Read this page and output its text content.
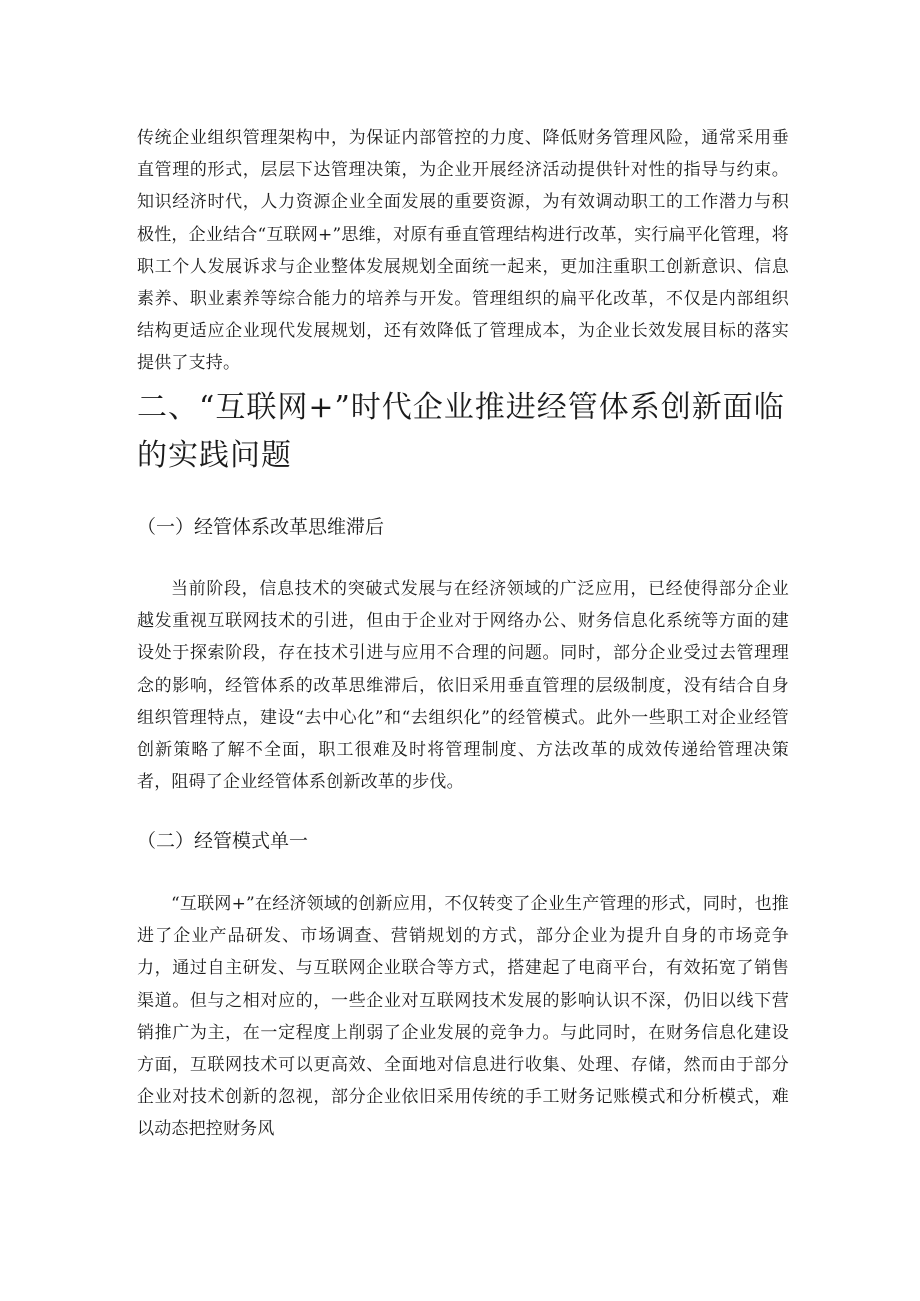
传统企业组织管理架构中，为保证内部管控的力度、降低财务管理风险，通常采用垂直管理的形式，层层下达管理决策，为企业开展经济活动提供针对性的指导与约束。知识经济时代，人力资源企业全面发展的重要资源，为有效调动职工的工作潜力与积极性，企业结合“互联网+”思维，对原有垂直管理结构进行改革，实行扁平化管理，将职工个人发展诉求与企业整体发展规划全面统一起来，更加注重职工创新意识、信息素养、职业素养等综合能力的培养与开发。管理组织的扁平化改革，不仅是内部组织结构更适应企业现代发展规划，还有效降低了管理成本，为企业长效发展目标的落实提供了支持。

二、“互联网+”时代企业推进经管体系创新面临的实践问题
（一）经管体系改革思维滞后

当前阶段，信息技术的突破式发展与在经济领域的广泛应用，已经使得部分企业越发重视互联网技术的引进，但由于企业对于网络办公、财务信息化系统等方面的建设处于探索阶段，存在技术引进与应用不合理的问题。同时，部分企业受过去管理理念的影响，经管体系的改革思维滞后，依旧采用垂直管理的层级制度，没有结合自身组织管理特点，建设“去中心化”和“去组织化”的经管模式。此外一些职工对企业经管创新策略了解不全面，职工很难及时将管理制度、方法改革的成效传递给管理决策者，阻碍了企业经管体系创新改革的步伐。

（二）经管模式单一

“互联网+”在经济领域的创新应用，不仅转变了企业生产管理的形式，同时，也推进了企业产品研发、市场调查、营销规划的方式，部分企业为提升自身的市场竞争力，通过自主研发、与互联网企业联合等方式，搭建起了电商平台，有效拓宽了销售渠道。但与之相对应的，一些企业对互联网技术发展的影响认识不深，仍旧以线下营销推广为主，在一定程度上削弱了企业发展的竞争力。与此同时，在财务信息化建设方面，互联网技术可以更高效、全面地对信息进行收集、处理、存储，然而由于部分企业对技术创新的忽视，部分企业依旧采用传统的手工财务记账模式和分析模式，难以动态把控财务风
